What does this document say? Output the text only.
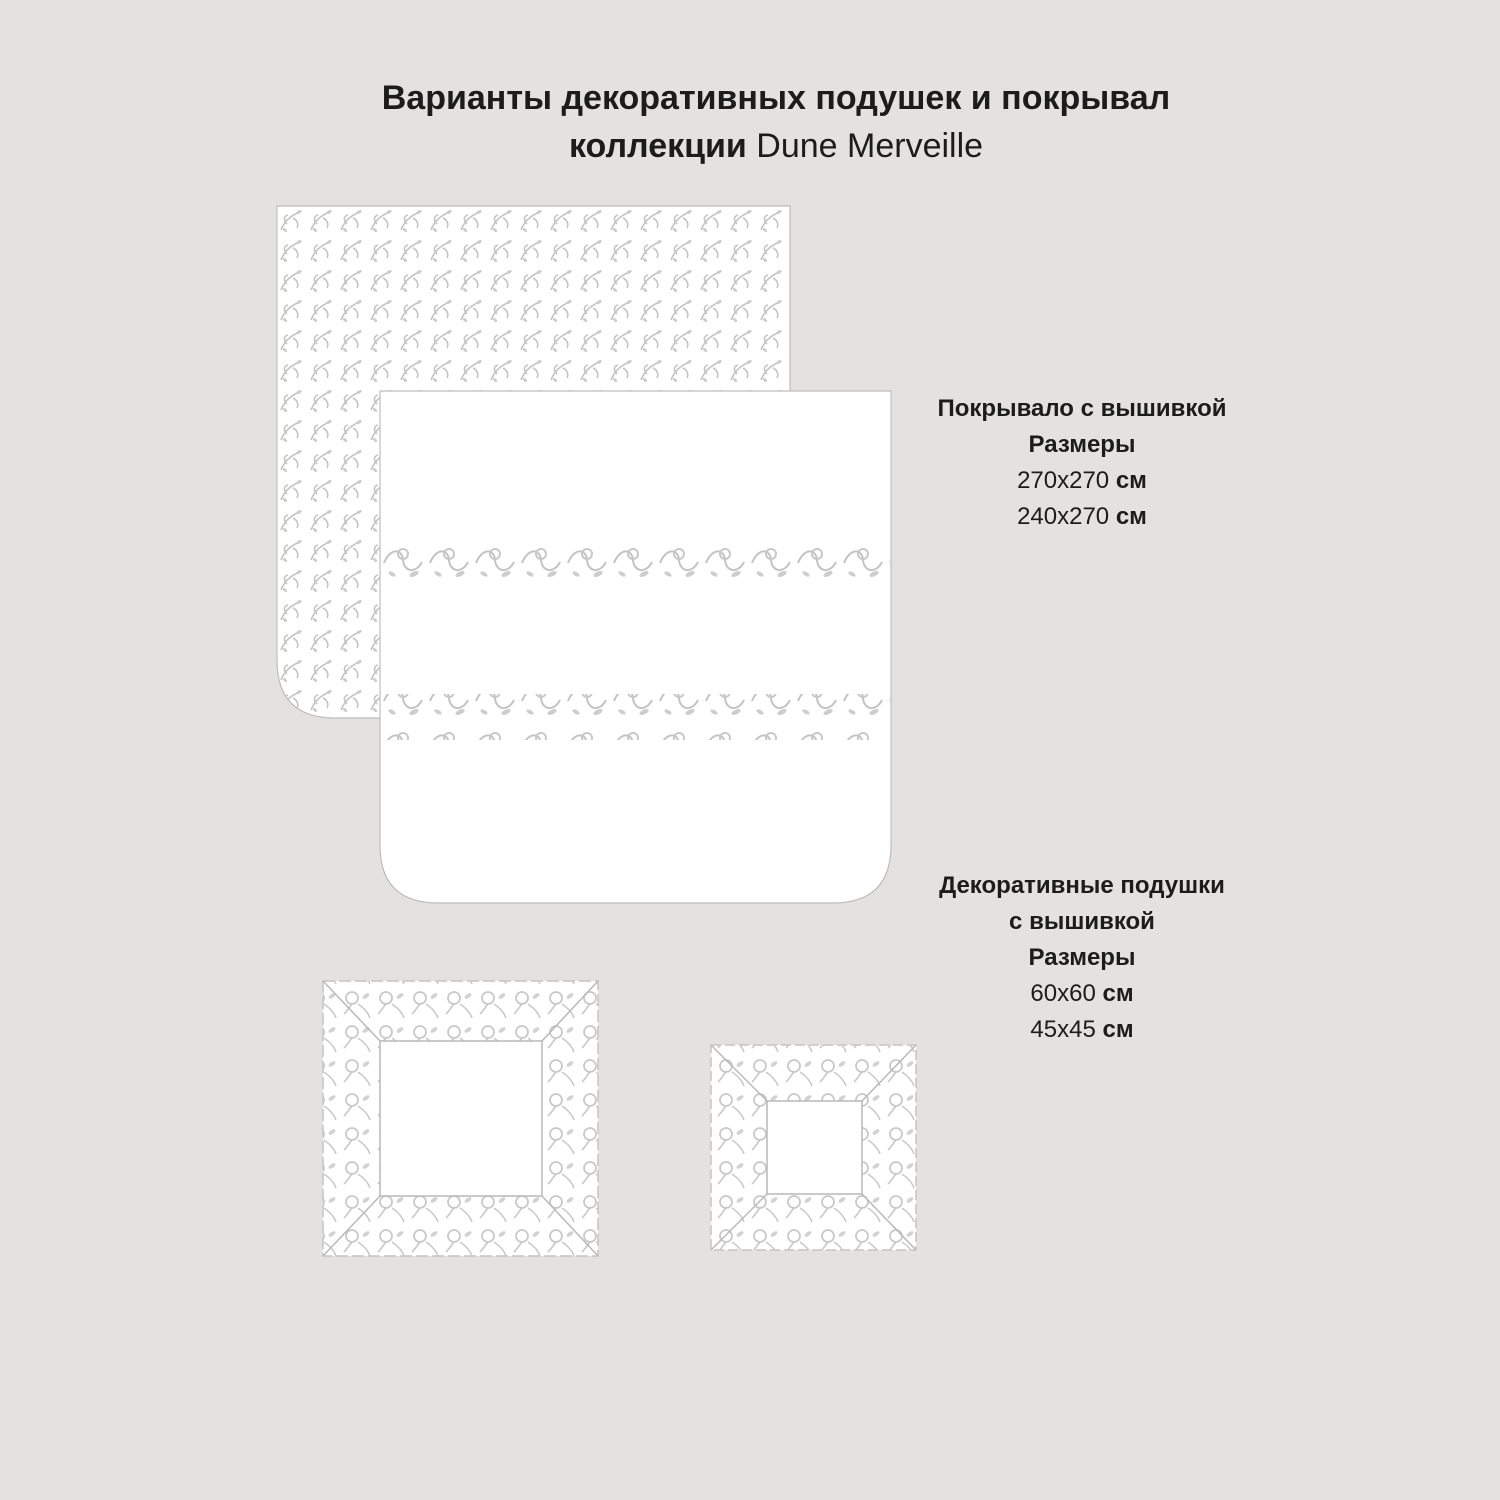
Варианты декоративных подушек и покрывал
коллекции Dune Merveille
Покрывало с вышивкой
Размеры
270x270 см
240x270 см
Декоративные подушки
с вышивкой
Размеры
60x60 см
45x45 см
